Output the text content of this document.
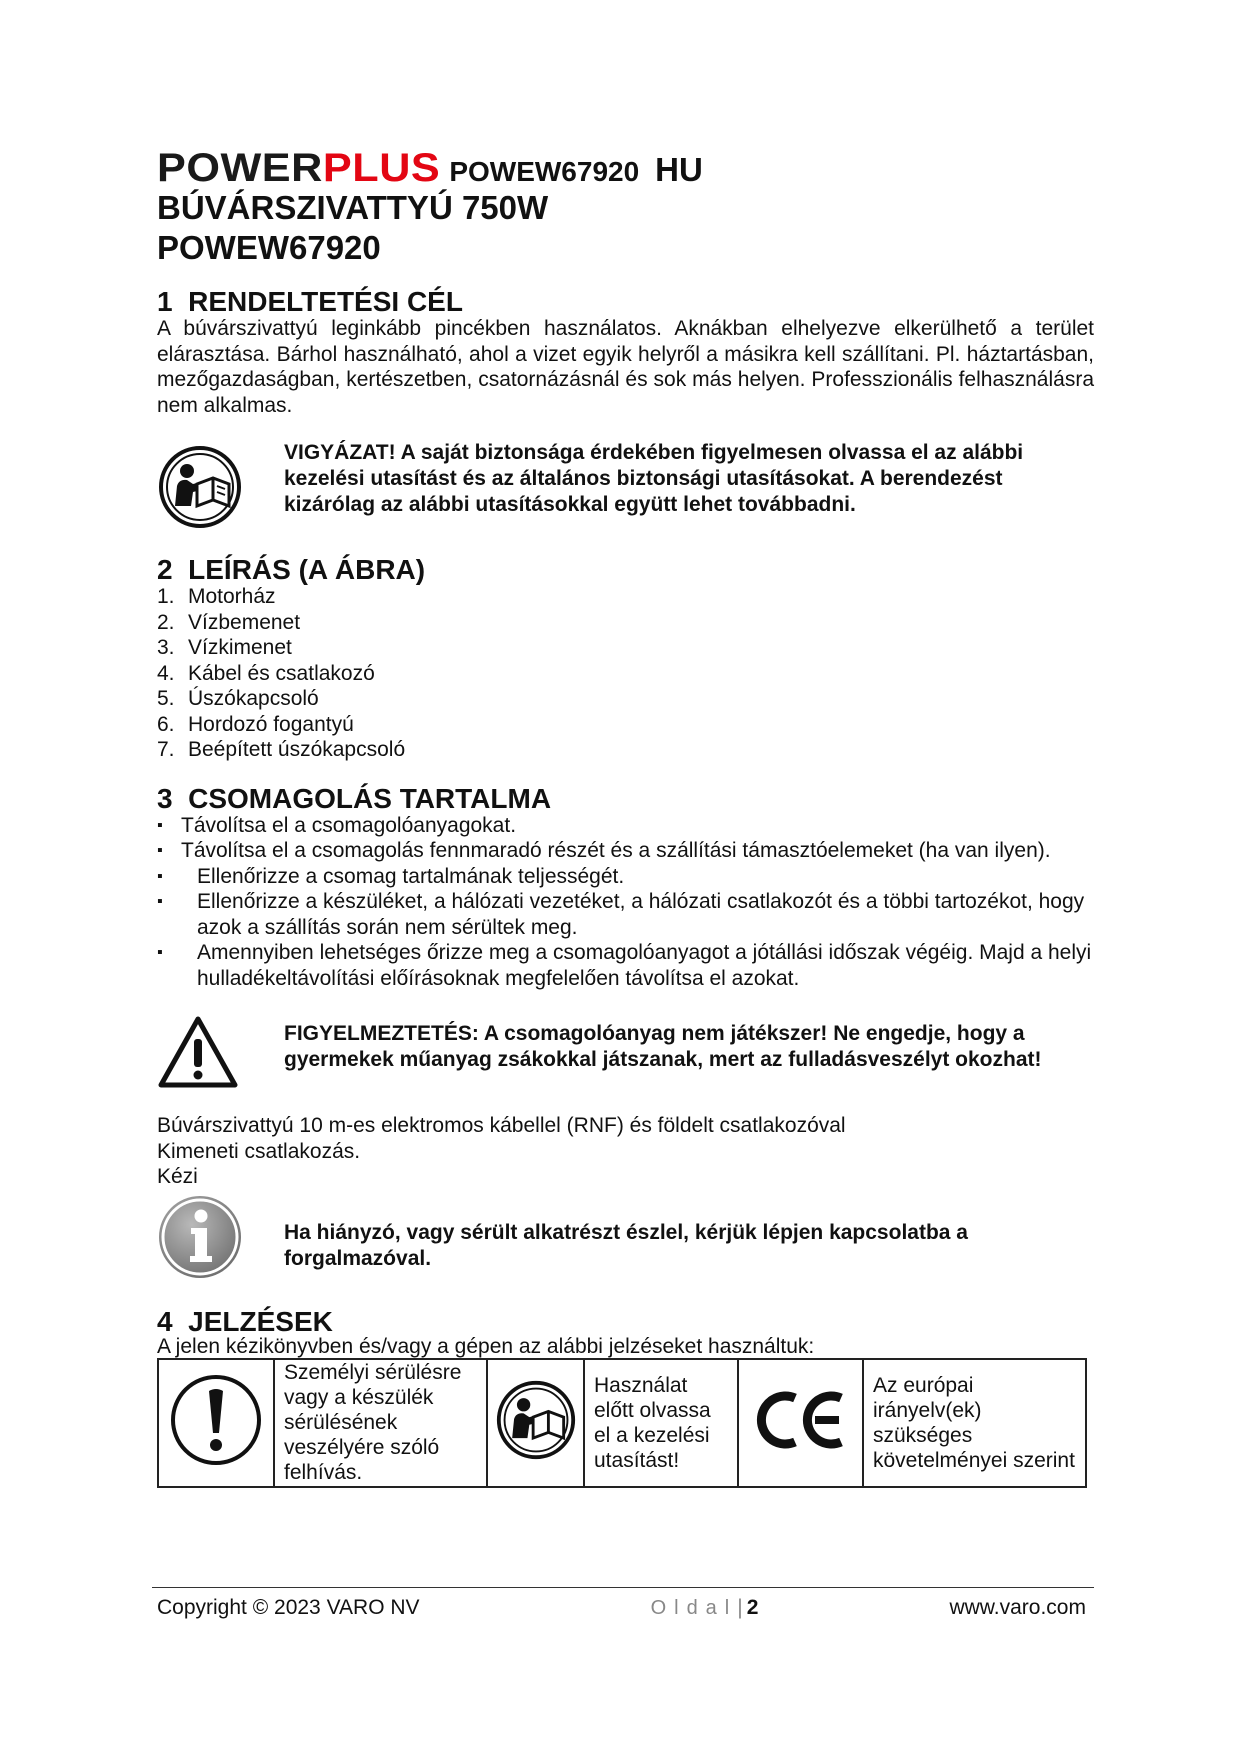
POWERPLUS POWEW67920 HU
BÚVÁRSZIVATTYÚ 750W
POWEW67920
1  RENDELTETÉSI CÉL

A búvárszivattyú leginkább pincékben használatos. Aknákban elhelyezve elkerülhető a terület elárasztása. Bárhol használható, ahol a vizet egyik helyről a másikra kell szállítani. Pl. háztartásban, mezőgazdaságban, kertészetben, csatornázásnál és sok más helyen. Professzionális felhasználásra nem alkalmas.

VIGYÁZAT! A saját biztonsága érdekében figyelmesen olvassa el az alábbi kezelési utasítást és az általános biztonsági utasításokat. A berendezést kizárólag az alábbi utasításokkal együtt lehet továbbadni.
2  LEÍRÁS (A ÁBRA)
1. Motorház
2. Vízbemenet
3. Vízkimenet
4. Kábel és csatlakozó
5. Úszókapcsoló
6. Hordozó fogantyú
7. Beépített úszókapcsoló
3  CSOMAGOLÁS TARTALMA
▪ Távolítsa el a csomagolóanyagokat.
▪ Távolítsa el a csomagolás fennmaradó részét és a szállítási támasztóelemeket (ha van ilyen).
▪ Ellenőrizze a csomag tartalmának teljességét.
▪ Ellenőrizze a készüléket, a hálózati vezetéket, a hálózati csatlakozót és a többi tartozékot, hogy azok a szállítás során nem sérültek meg.
▪ Amennyiben lehetséges őrizze meg a csomagolóanyagot a jótállási időszak végéig. Majd a helyi hulladékeltávolítási előírásoknak megfelelően távolítsa el azokat.
FIGYELMEZTETÉS: A csomagolóanyag nem játékszer! Ne engedje, hogy a gyermekek műanyag zsákokkal játszanak, mert az fulladásveszélyt okozhat!
Búvárszivattyú 10 m-es elektromos kábellel (RNF) és földelt csatlakozóval
Kimeneti csatlakozás.
Kézi
Ha hiányzó, vagy sérült alkatrészt észlel, kérjük lépjen kapcsolatba a forgalmazóval.
4  JELZÉSEK
A jelen kézikönyvben és/vagy a gépen az alábbi jelzéseket használtuk:
	Személyi sérülésre vagy a készülék sérülésének veszélyére szóló felhívás.		Használat előtt olvassa el a kezelési utasítást!		Az európai irányelv(ek) szükséges követelményei szerint
Copyright © 2023 VARO NV	Oldal| 2	www.varo.com
